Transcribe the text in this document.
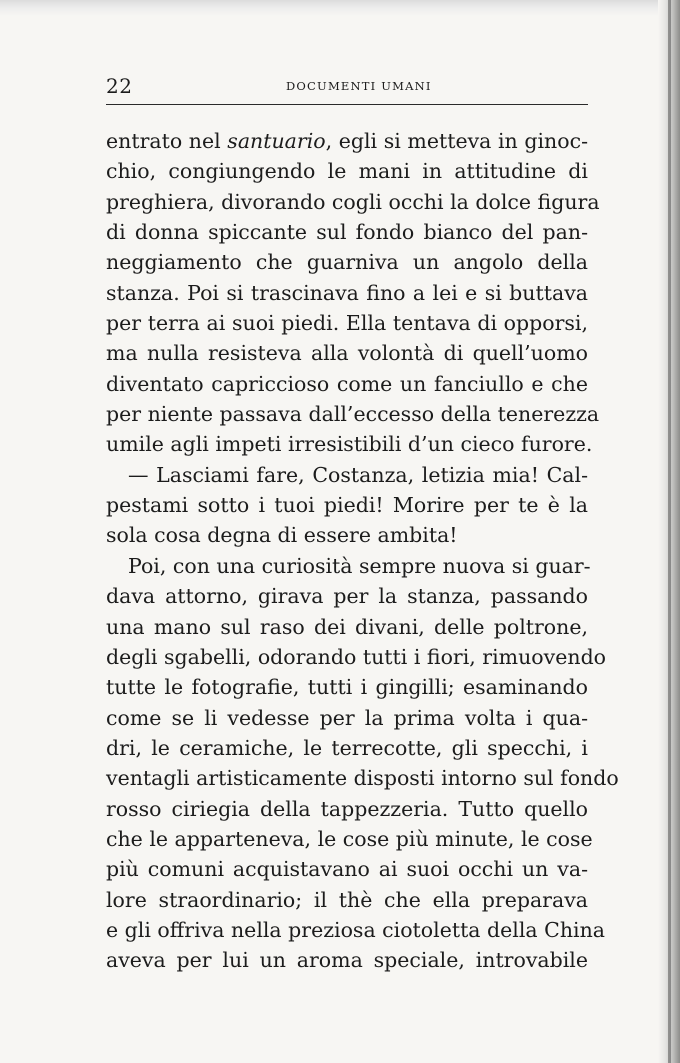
22	DOCUMENTI UMANI
entrato nel santuario, egli si metteva in ginoc-
chio, congiungendo le mani in attitudine di
preghiera, divorando cogli occhi la dolce figura
di donna spiccante sul fondo bianco del pan-
neggiamento che guarniva un angolo della
stanza. Poi si trascinava fino a lei e si buttava
per terra ai suoi piedi. Ella tentava di opporsi,
ma nulla resisteva alla volontà di quell’uomo
diventato capriccioso come un fanciullo e che
per niente passava dall’eccesso della tenerezza
umile agli impeti irresistibili d’un cieco furore.
— Lasciami fare, Costanza, letizia mia! Cal-
pestami sotto i tuoi piedi! Morire per te è la
sola cosa degna di essere ambita!
Poi, con una curiosità sempre nuova si guar-
dava attorno, girava per la stanza, passando
una mano sul raso dei divani, delle poltrone,
degli sgabelli, odorando tutti i fiori, rimuovendo
tutte le fotografie, tutti i gingilli; esaminando
come se li vedesse per la prima volta i qua-
dri, le ceramiche, le terrecotte, gli specchi, i
ventagli artisticamente disposti intorno sul fondo
rosso ciriegia della tappezzeria. Tutto quello
che le apparteneva, le cose più minute, le cose
più comuni acquistavano ai suoi occhi un va-
lore straordinario; il thè che ella preparava
e gli offriva nella preziosa ciotoletta della China
aveva per lui un aroma speciale, introvabile
